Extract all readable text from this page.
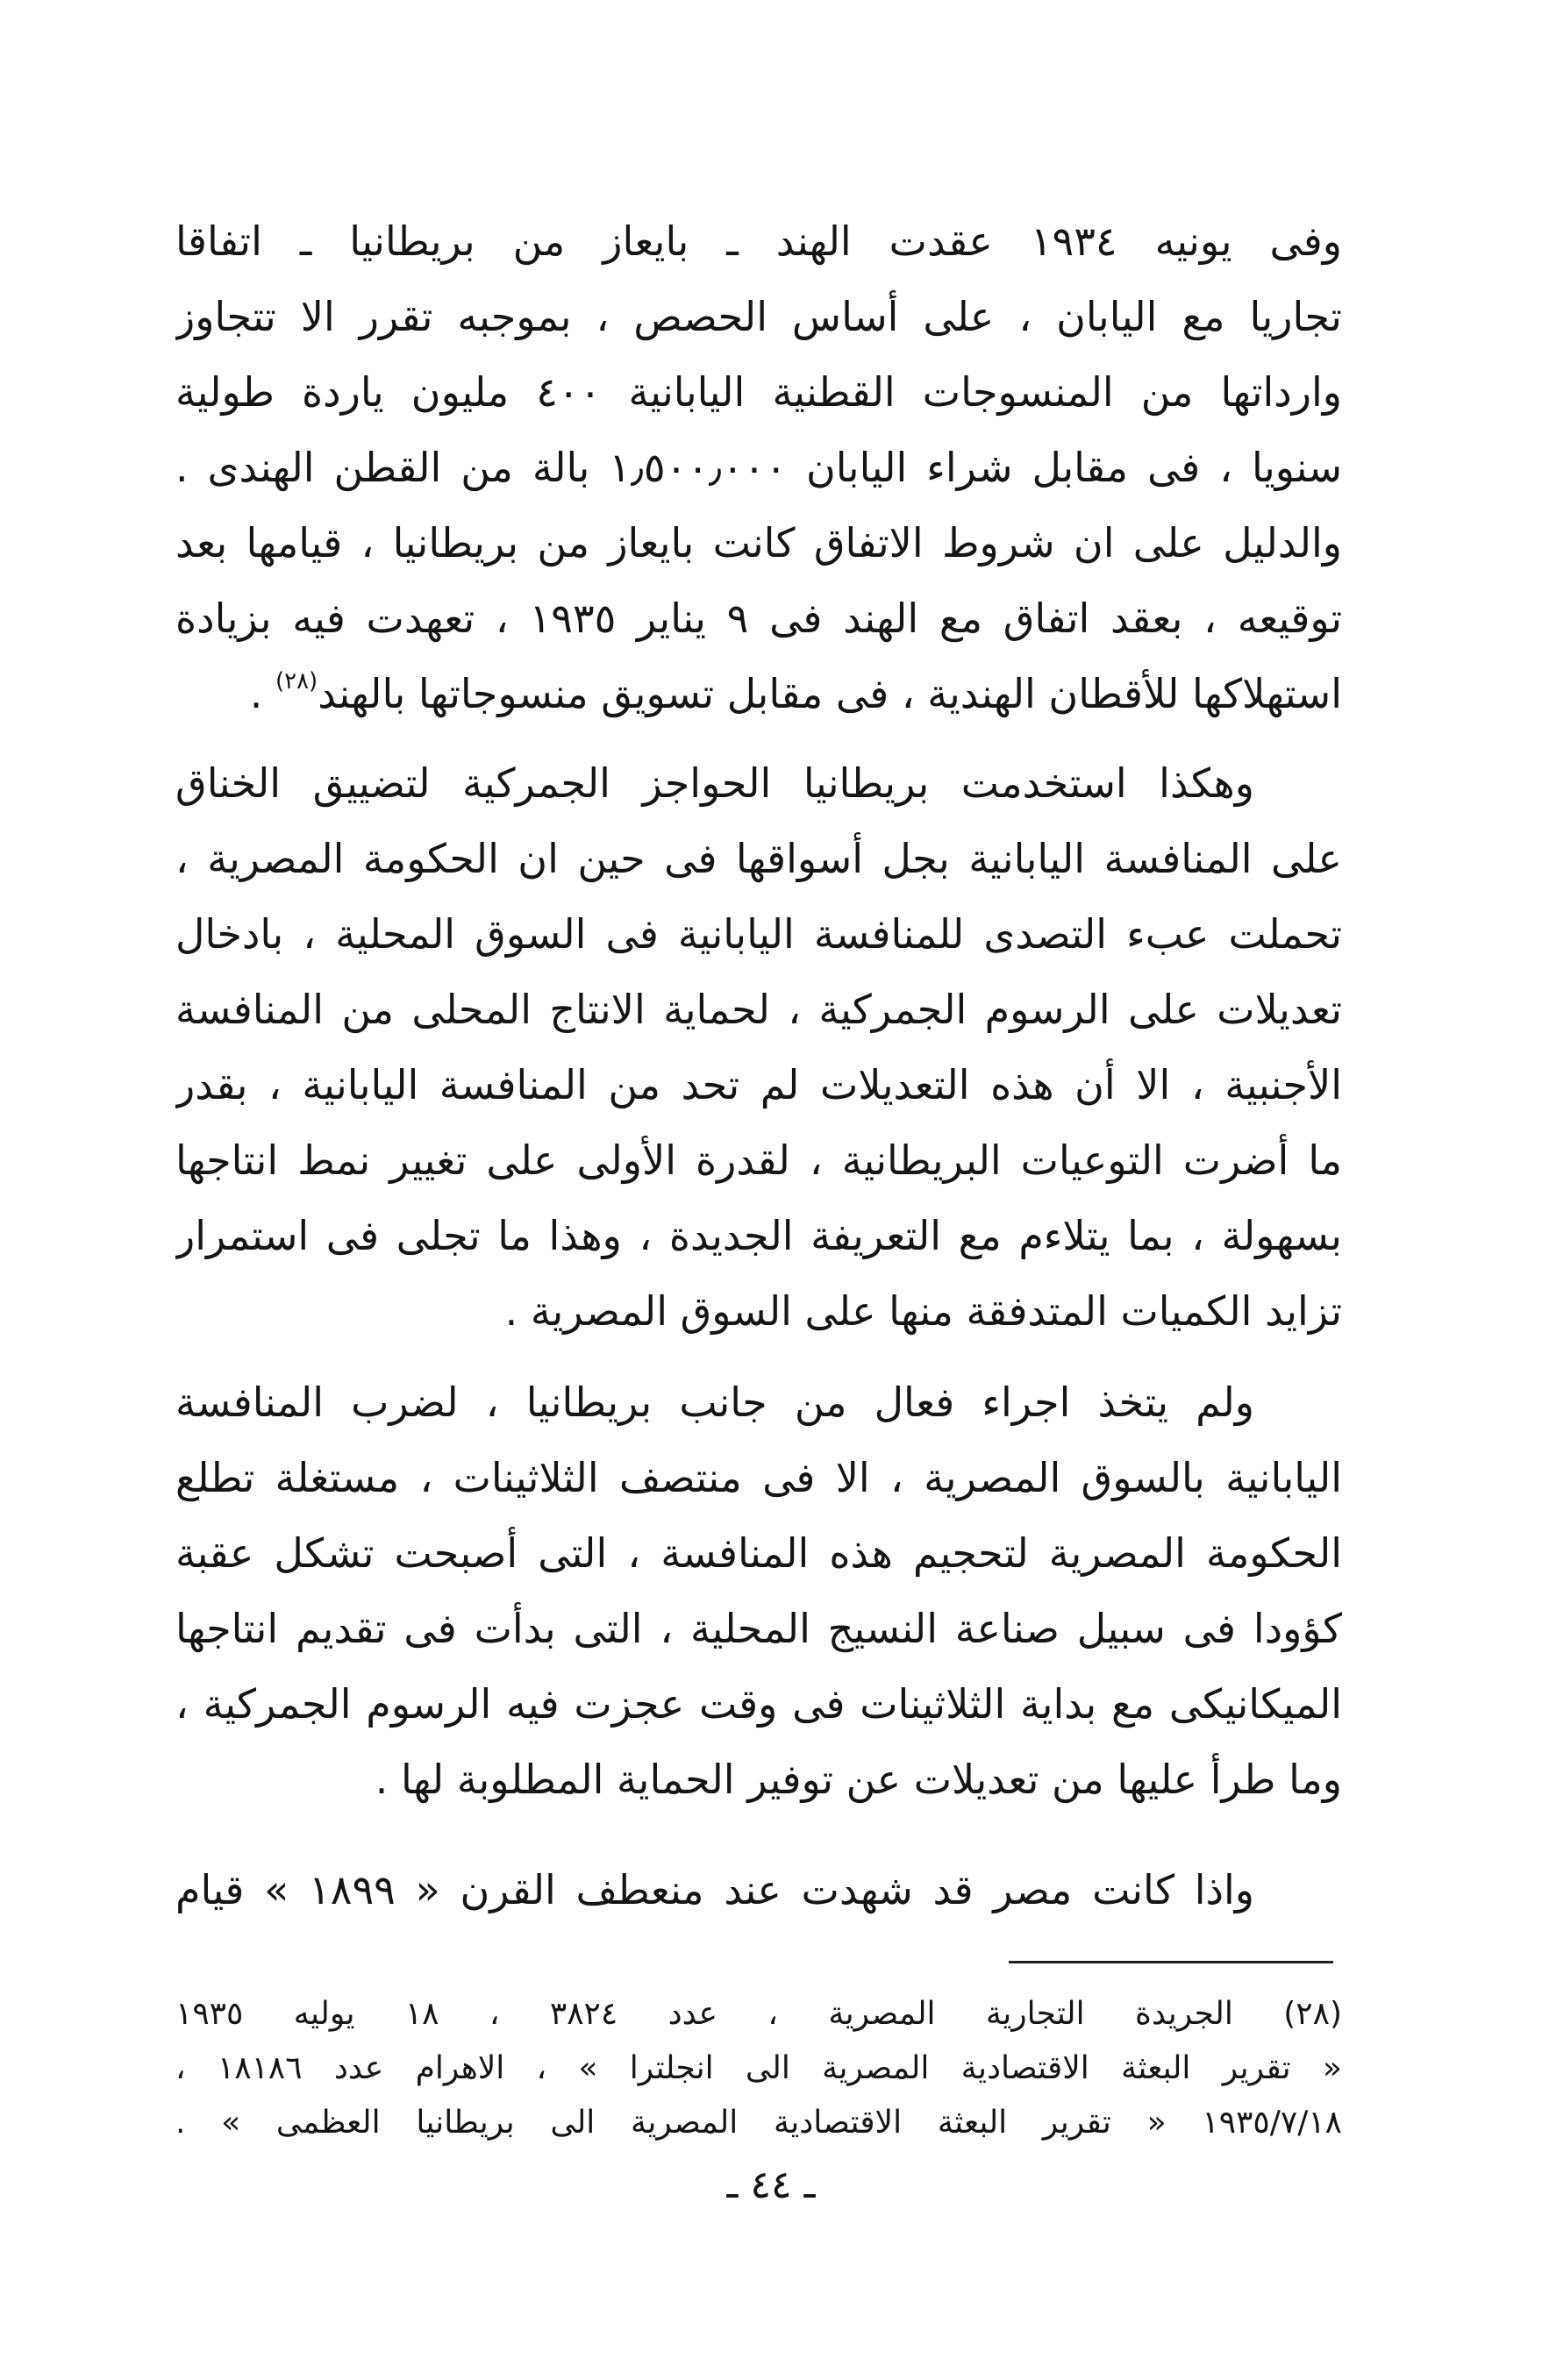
وفى يونيه ١٩٣٤ عقدت الهند ـ بايعاز من بريطانيا ـ اتفاقا
تجاريا مع اليابان ، على أساس الحصص ، بموجبه تقرر الا تتجاوز
وارداتها من المنسوجات القطنية اليابانية ٤٠٠ مليون ياردة طولية
سنويا ، فى مقابل شراء اليابان ١٫٥٠٠٫٠٠٠ بالة من القطن الهندى .
والدليل على ان شروط الاتفاق كانت بايعاز من بريطانيا ، قيامها بعد
توقيعه ، بعقد اتفاق مع الهند فى ٩ يناير ١٩٣٥ ، تعهدت فيه بزيادة
استهلاكها للأقطان الهندية ، فى مقابل تسويق منسوجاتها بالهند$^{(٢٨)}$ .
وهكذا استخدمت بريطانيا الحواجز الجمركية لتضييق الخناق
على المنافسة اليابانية بجل أسواقها فى حين ان الحكومة المصرية ،
تحملت عبء التصدى للمنافسة اليابانية فى السوق المحلية ، بادخال
تعديلات على الرسوم الجمركية ، لحماية الانتاج المحلى من المنافسة
الأجنبية ، الا أن هذه التعديلات لم تحد من المنافسة اليابانية ، بقدر
ما أضرت التوعيات البريطانية ، لقدرة الأولى على تغيير نمط انتاجها
بسهولة ، بما يتلاءم مع التعريفة الجديدة ، وهذا ما تجلى فى استمرار
تزايد الكميات المتدفقة منها على السوق المصرية .
ولم يتخذ اجراء فعال من جانب بريطانيا ، لضرب المنافسة
اليابانية بالسوق المصرية ، الا فى منتصف الثلاثينات ، مستغلة تطلع
الحكومة المصرية لتحجيم هذه المنافسة ، التى أصبحت تشكل عقبة
كؤودا فى سبيل صناعة النسيج المحلية ، التى بدأت فى تقديم انتاجها
الميكانيكى مع بداية الثلاثينات فى وقت عجزت فيه الرسوم الجمركية ،
وما طرأ عليها من تعديلات عن توفير الحماية المطلوبة لها .
واذا كانت مصر قد شهدت عند منعطف القرن « ١٨٩٩ » قيام
(٢٨) الجريدة التجارية المصرية ، عدد ٣٨٢٤ ، ١٨ يوليه ١٩٣٥
« تقرير البعثة الاقتصادية المصرية الى انجلترا » ، الاهرام عدد ١٨١٨٦ ،
١٩٣٥/٧/١٨ « تقرير البعثة الاقتصادية المصرية الى بريطانيا العظمى » .
ـ ٤٤ ـ
